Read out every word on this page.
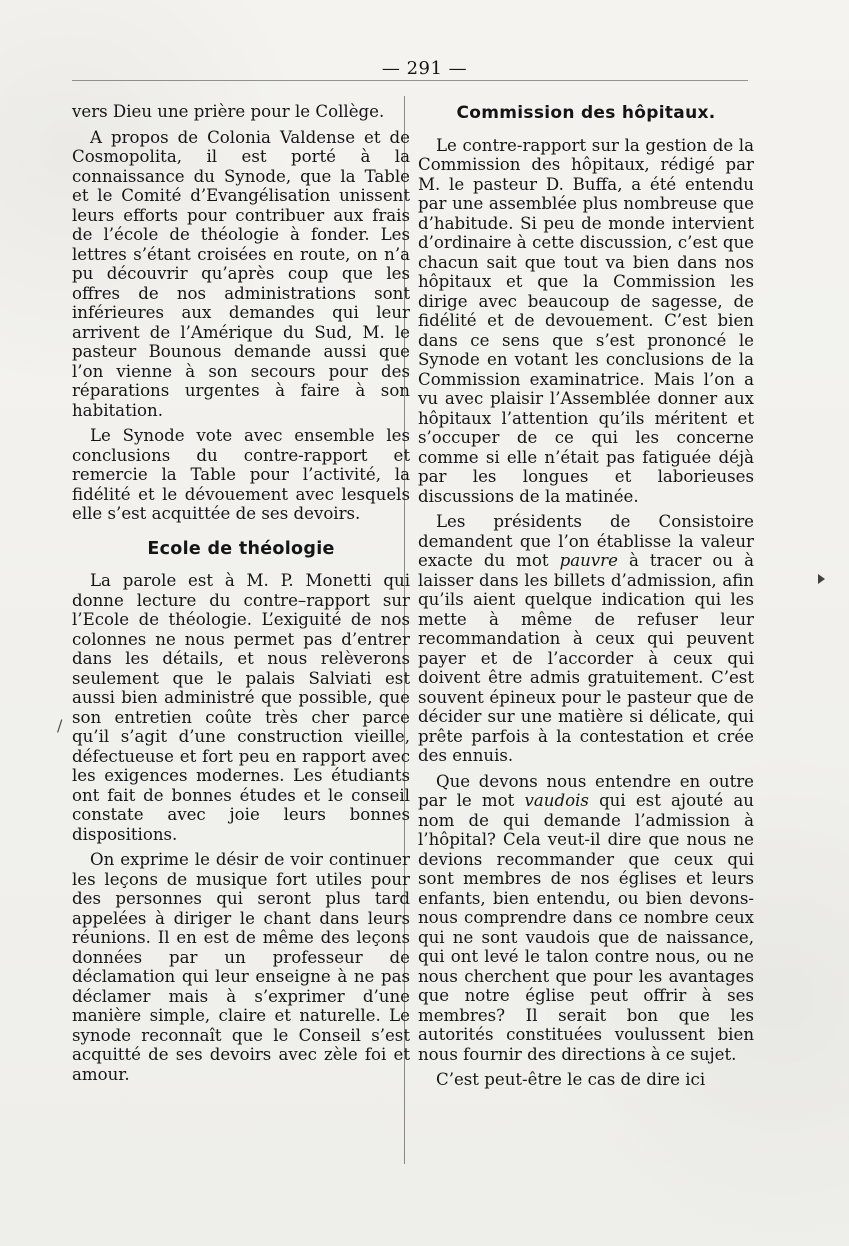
— 291 —

vers Dieu une prière pour le Collège.

A propos de Colonia Valdense et de Cosmopolita, il est porté à la connaissance du Synode, que la Table et le Comité d’Evangélisation unissent leurs efforts pour contribuer aux frais de l’école de théologie à fonder. Les lettres s’étant croisées en route, on n’a pu découvrir qu’après coup que les offres de nos administrations sont inférieures aux demandes qui leur arrivent de l’Amérique du Sud, M. le pasteur Bounous demande aussi que l’on vienne à son secours pour des réparations urgentes à faire à son habitation.

Le Synode vote avec ensemble les conclusions du contre-rapport et remercie la Table pour l’activité, la fidélité et le dévouement avec lesquels elle s’est acquittée de ses devoirs.

Ecole de théologie

La parole est à M. P. Monetti qui donne lecture du contre–rapport sur l’Ecole de théologie. L’exiguité de nos colonnes ne nous permet pas d’entrer dans les détails, et nous relèverons seulement que le palais Salviati est aussi bien administré que possible, que son entretien coûte très cher parce qu’il s’agit d’une construction vieille, défectueuse et fort peu en rapport avec les exigences modernes. Les étudiants ont fait de bonnes études et le conseil constate avec joie leurs bonnes dispositions.

On exprime le désir de voir continuer les leçons de musique fort utiles pour des personnes qui seront plus tard appelées à diriger le chant dans leurs réunions. Il en est de même des leçons données par un professeur de déclamation qui leur enseigne à ne pas déclamer mais à s’exprimer d’une manière simple, claire et naturelle. Le synode reconnaît que le Conseil s’est acquitté de ses devoirs avec zèle foi et amour.

Commission des hôpitaux.

Le contre-rapport sur la gestion de la Commission des hôpitaux, rédigé par M. le pasteur D. Buffa, a été entendu par une assemblée plus nombreuse que d’habitude. Si peu de monde intervient d’ordinaire à cette discussion, c’est que chacun sait que tout va bien dans nos hôpitaux et que la Commission les dirige avec beaucoup de sagesse, de fidélité et de devouement. C’est bien dans ce sens que s’est prononcé le Synode en votant les conclusions de la Commission examinatrice. Mais l’on a vu avec plaisir l’Assemblée donner aux hôpitaux l’attention qu’ils méritent et s’occuper de ce qui les concerne comme si elle n’était pas fatiguée déjà par les longues et laborieuses discussions de la matinée.

Les présidents de Consistoire demandent que l’on établisse la valeur exacte du mot pauvre à tracer ou à laisser dans les billets d’admission, afin qu’ils aient quelque indication qui les mette à même de refuser leur recommandation à ceux qui peuvent payer et de l’accorder à ceux qui doivent être admis gratuitement. C’est souvent épineux pour le pasteur que de décider sur une matière si délicate, qui prête parfois à la contestation et crée des ennuis.

Que devons nous entendre en outre par le mot vaudois qui est ajouté au nom de qui demande l’admission à l’hôpital? Cela veut-il dire que nous ne devions recommander que ceux qui sont membres de nos églises et leurs enfants, bien entendu, ou bien devons-nous comprendre dans ce nombre ceux qui ne sont vaudois que de naissance, qui ont levé le talon contre nous, ou ne nous cherchent que pour les avantages que notre église peut offrir à ses membres? Il serait bon que les autorités constituées voulussent bien nous fournir des directions à ce sujet.

C’est peut-être le cas de dire ici

/
